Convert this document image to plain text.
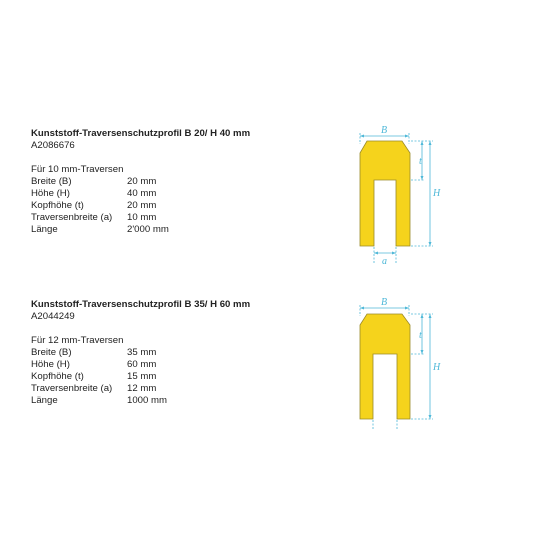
Kunststoff-Traversenschutzprofil B 20/ H 40 mm
A2086676
Für 10 mm-Traversen
Breite (B)	20 mm
Höhe (H)	40 mm
Kopfhöhe (t)	20 mm
Traversenbreite (a)	10 mm
Länge	2'000 mm
B
t
H
a
Kunststoff-Traversenschutzprofil B 35/ H 60 mm
A2044249
Für 12 mm-Traversen
Breite (B)	35 mm
Höhe (H)	60 mm
Kopfhöhe (t)	15 mm
Traversenbreite (a)	12 mm
Länge	1000 mm
B
t
H
